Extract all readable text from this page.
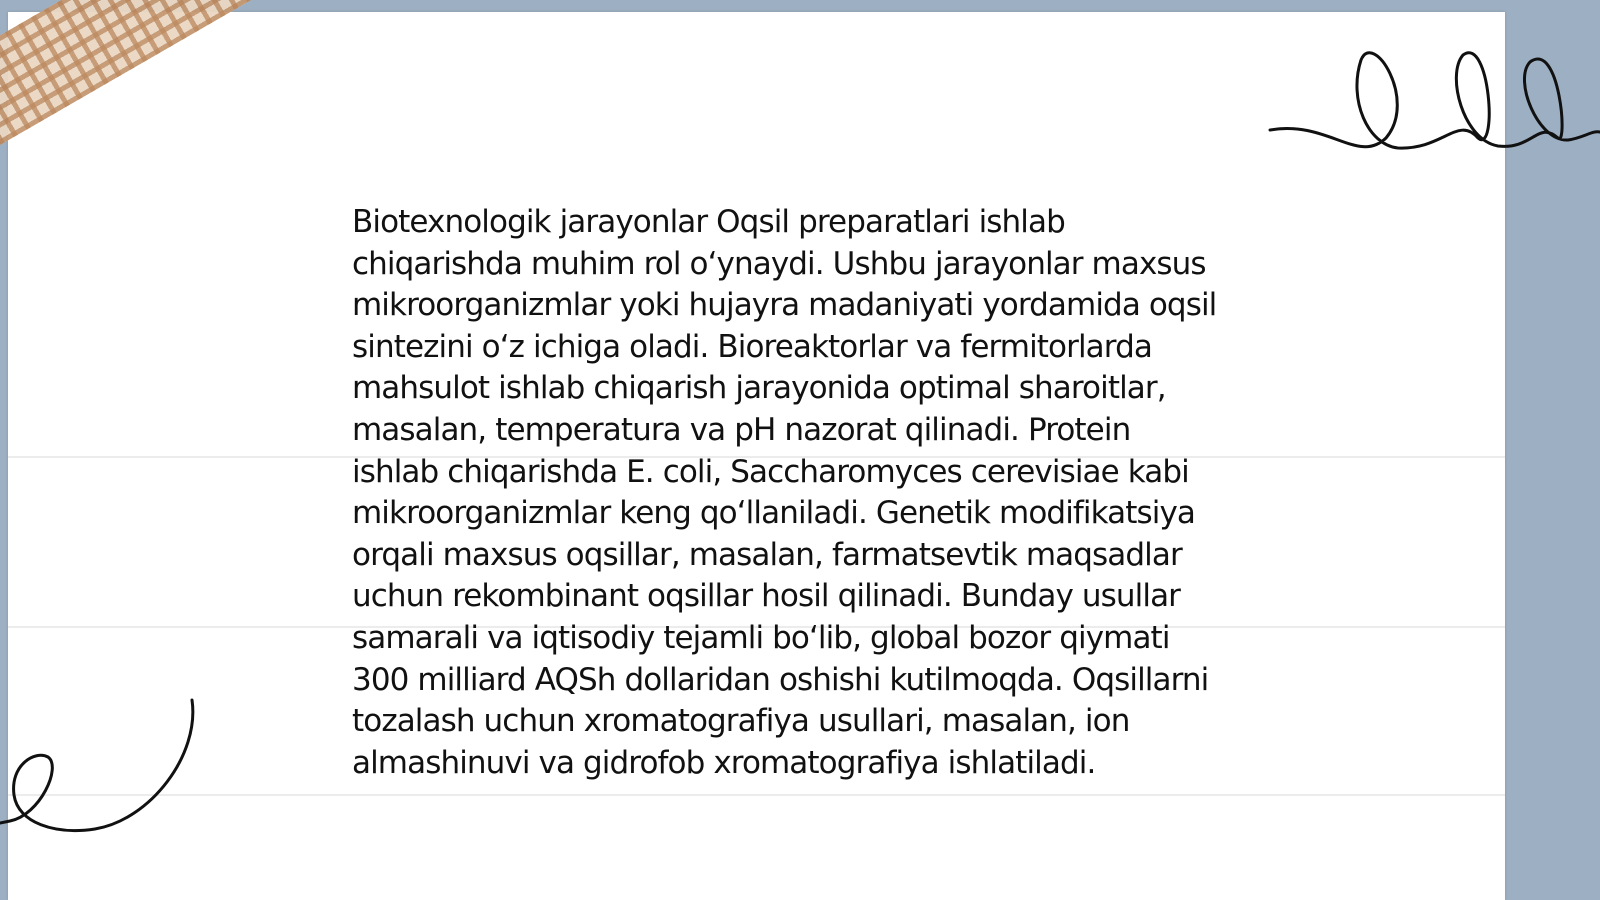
Biotexnologik jarayonlar Oqsil preparatlari ishlab chiqarishda muhim rol o‘ynaydi. Ushbu jarayonlar maxsus mikroorganizmlar yoki hujayra madaniyati yordamida oqsil sintezini o‘z ichiga oladi. Bioreaktorlar va fermitorlarda mahsulot ishlab chiqarish jarayonida optimal sharoitlar, masalan, temperatura va pH nazorat qilinadi. Protein ishlab chiqarishda E. coli, Saccharomyces cerevisiae kabi mikroorganizmlar keng qo‘llaniladi. Genetik modifikatsiya orqali maxsus oqsillar, masalan, farmatsevtik maqsadlar uchun rekombinant oqsillar hosil qilinadi. Bunday usullar samarali va iqtisodiy tejamli bo‘lib, global bozor qiymati 300 milliard AQSh dollaridan oshishi kutilmoqda. Oqsillarni tozalash uchun xromatografiya usullari, masalan, ion almashinuvi va gidrofob xromatografiya ishlatiladi.
